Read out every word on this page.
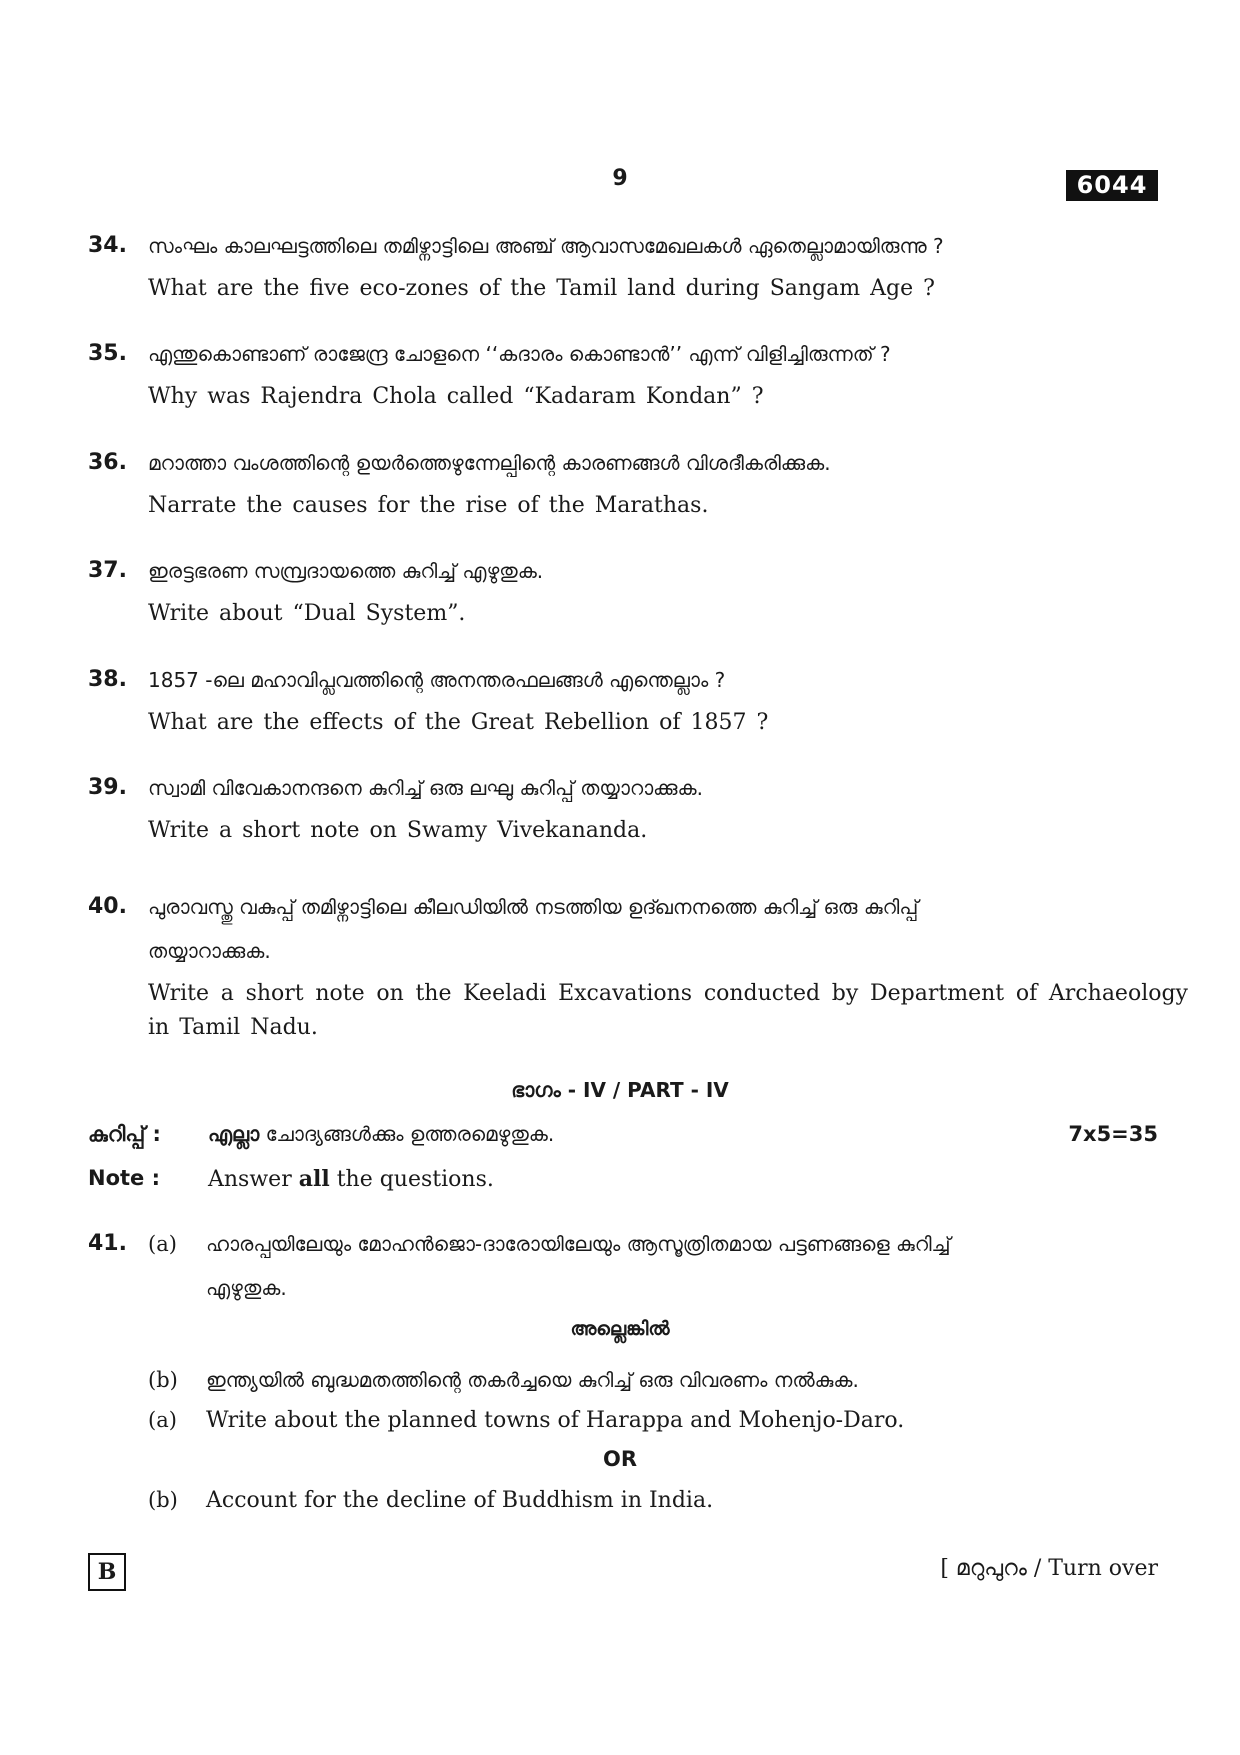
9	6044
34. സംഘം കാലഘട്ടത്തിലെ തമിഴ്നാട്ടിലെ അഞ്ച് ആവാസമേഖലകൾ ഏതെല്ലാമായിരുന്നു ?
What are the five eco-zones of the Tamil land during Sangam Age ?
35. എന്തുകൊണ്ടാണ് രാജേന്ദ്ര ചോളനെ ‘‘കദാരം കൊണ്ടാൻ’’ എന്ന് വിളിച്ചിരുന്നത് ?
Why was Rajendra Chola called “Kadaram Kondan” ?
36. മറാത്താ വംശത്തിന്റെ ഉയർത്തെഴുന്നേല്പിന്റെ കാരണങ്ങൾ വിശദീകരിക്കുക.
Narrate the causes for the rise of the Marathas.
37. ഇരട്ടഭരണ സമ്പ്രദായത്തെ കുറിച്ച് എഴുതുക.
Write about “Dual System”.
38. 1857 -ലെ മഹാവിപ്ലവത്തിന്റെ അനന്തരഫലങ്ങൾ എന്തെല്ലാം ?
What are the effects of the Great Rebellion of 1857 ?
39. സ്വാമി വിവേകാനന്ദനെ കുറിച്ച് ഒരു ലഘു കുറിപ്പ് തയ്യാറാക്കുക.
Write a short note on Swamy Vivekananda.
40. പുരാവസ്തു വകുപ്പ് തമിഴ്നാട്ടിലെ കീലഡിയിൽ നടത്തിയ ഉദ്ഖനനത്തെ കുറിച്ച് ഒരു കുറിപ്പ്
തയ്യാറാക്കുക.
Write a short note on the Keeladi Excavations conducted by Department of Archaeology in Tamil Nadu.
ഭാഗം - IV / PART - IV
കുറിപ്പ് : എല്ലാ ചോദ്യങ്ങൾക്കും ഉത്തരമെഴുതുക.	7x5=35
Note : Answer all the questions.
41. (a) ഹാരപ്പയിലേയും മോഹൻജൊ-ദാരോയിലേയും ആസൂത്രിതമായ പട്ടണങ്ങളെ കുറിച്ച്
എഴുതുക.
അല്ലെങ്കിൽ
(b) ഇന്ത്യയിൽ ബുദ്ധമതത്തിന്റെ തകർച്ചയെ കുറിച്ച് ഒരു വിവരണം നൽകുക.
(a) Write about the planned towns of Harappa and Mohenjo-Daro.
OR
(b) Account for the decline of Buddhism in India.
B	[ മറുപുറം / Turn over
